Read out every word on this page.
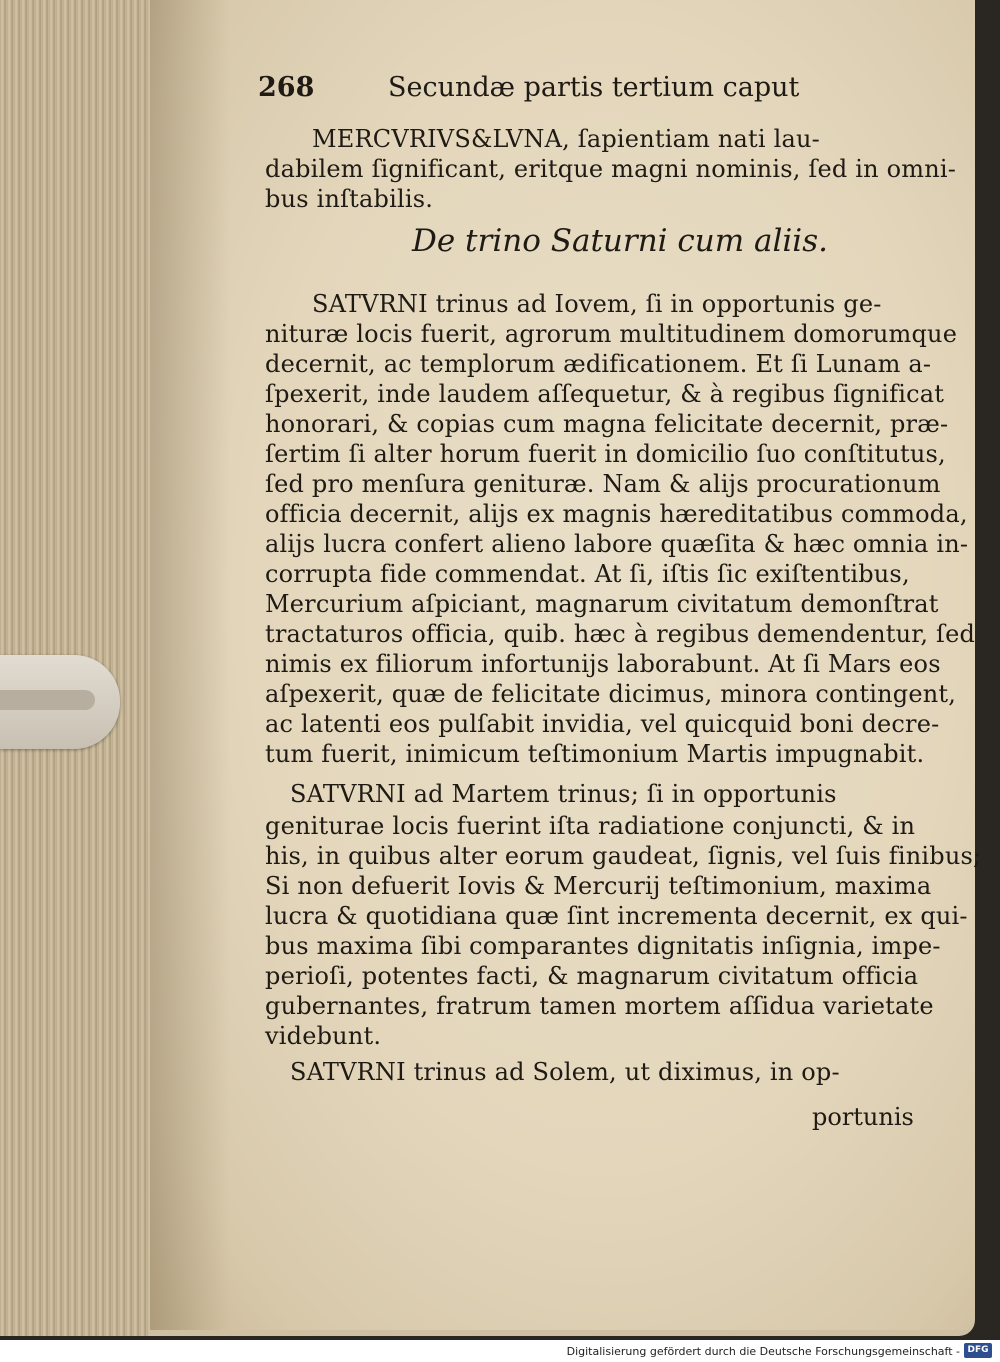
268	Secundæ partis tertium caput
MERCVRIVS&LVNA, ſapientiam nati lau-
dabilem ſignificant, eritque magni nominis, ſed in omni-
bus inſtabilis.
De trino Saturni cum aliis.
SATVRNI trinus ad Iovem, ſi in opportunis ge-
nituræ locis fuerit, agrorum multitudinem domorumque
decernit, ac templorum ædificationem. Et ſi Lunam a-
ſpexerit, inde laudem aſſequetur, & à regibus ſignificat
honorari, & copias cum magna felicitate decernit, præ-
ſertim ſi alter horum fuerit in domicilio ſuo conſtitutus,
ſed pro menſura genituræ. Nam & alijs procurationum
officia decernit, alijs ex magnis hæreditatibus commoda,
alijs lucra confert alieno labore quæſita & hæc omnia in-
corrupta fide commendat. At ſi, iſtis ſic exiſtentibus,
Mercurium aſpiciant, magnarum civitatum demonſtrat
tractaturos officia, quib. hæc à regibus demendentur, ſed
nimis ex filiorum infortunijs laborabunt. At ſi Mars eos
aſpexerit, quæ de felicitate dicimus, minora contingent,
ac latenti eos pulſabit invidia, vel quicquid boni decre-
tum fuerit, inimicum teſtimonium Martis impugnabit.
SATVRNI ad Martem trinus; ſi in opportunis
geniturae locis fuerint iſta radiatione conjuncti, & in
his, in quibus alter eorum gaudeat, ſignis, vel ſuis finibus;
Si non defuerit Iovis & Mercurij teſtimonium, maxima
lucra & quotidiana quæ ſint incrementa decernit, ex qui-
bus maxima ſibi comparantes dignitatis inſignia, impe-
perioſi, potentes facti, & magnarum civitatum officia
gubernantes, fratrum tamen mortem aſſidua varietate
videbunt.
SATVRNI trinus ad Solem, ut diximus, in op-
portunis
Digitalisierung gefördert durch die Deutsche Forschungsgemeinschaft - DFG
